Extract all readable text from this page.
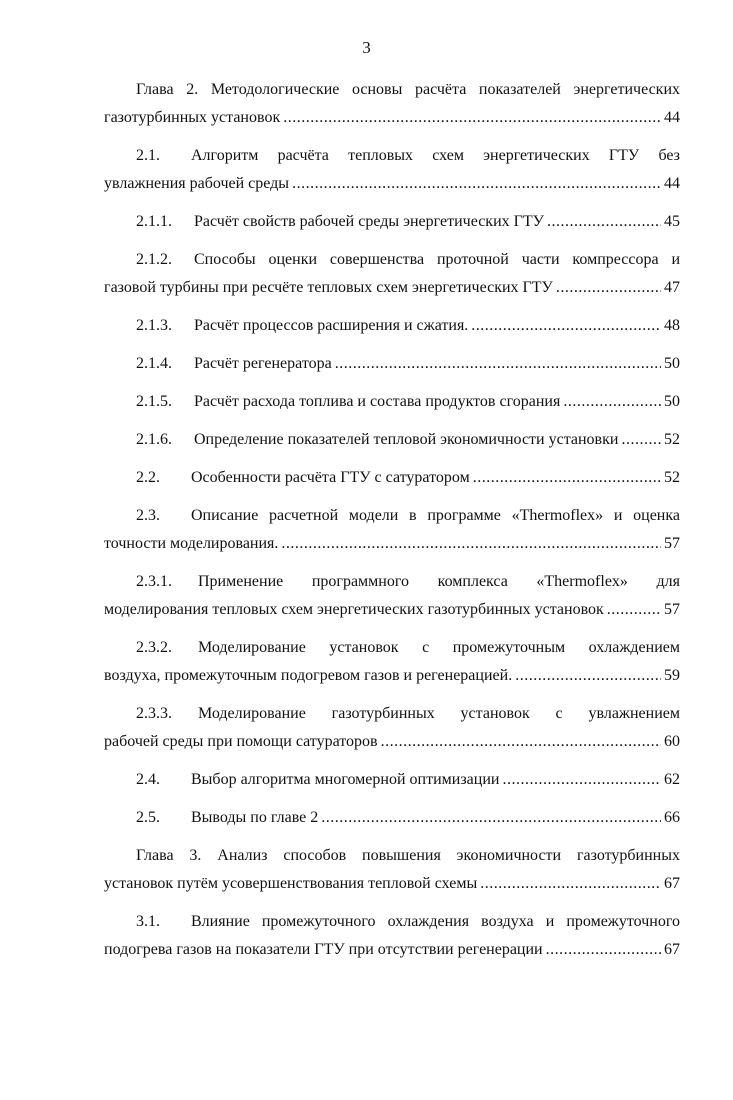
3
Глава 2. Методологические основы расчёта показателей энергетических
газотурбинных установок .....	44
2.1.	Алгоритм расчёта тепловых схем энергетических ГТУ без
увлажнения рабочей среды .....	44
2.1.1.	Расчёт свойств рабочей среды энергетических ГТУ .....	45
2.1.2.	Способы оценки совершенства проточной части компрессора и
газовой турбины при ресчёте тепловых схем энергетических ГТУ .....	47
2.1.3.	Расчёт процессов расширения и сжатия. .....	48
2.1.4.	Расчёт регенератора .....	50
2.1.5.	Расчёт расхода топлива и состава продуктов сгорания .....	50
2.1.6.	Определение показателей тепловой экономичности установки .....	52
2.2.	Особенности расчёта ГТУ с сатуратором .....	52
2.3.	Описание расчетной модели в программе «Thermoflex» и оценка
точности моделирования. .....	57
2.3.1.	Применение программного комплекса «Thermoflex» для
моделирования тепловых схем энергетических газотурбинных установок .....	57
2.3.2.	Моделирование установок с промежуточным охлаждением
воздуха, промежуточным подогревом газов и регенерацией. .....	59
2.3.3.	Моделирование газотурбинных установок с увлажнением
рабочей среды при помощи сатураторов .....	60
2.4.	Выбор алгоритма многомерной оптимизации .....	62
2.5.	Выводы по главе 2 .....	66
Глава 3. Анализ способов повышения экономичности газотурбинных
установок путём усовершенствования тепловой схемы .....	67
3.1.	Влияние промежуточного охлаждения воздуха и промежуточного
подогрева газов на показатели ГТУ при отсутствии регенерации .....	67
